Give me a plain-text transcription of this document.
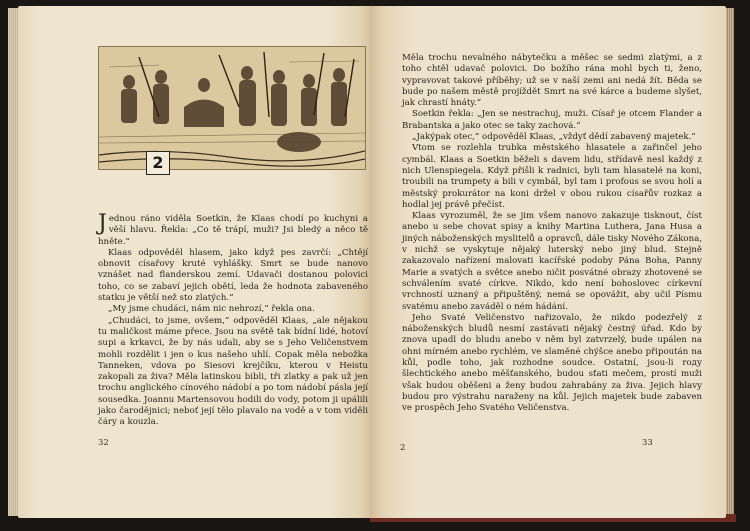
2

Jednou ráno viděla Soetkin, že Klaas chodí po kuchyni a věší hlavu. Řekla: „Co tě trápí, muži? Jsi bledý a něco tě hněte.“

Klaas odpověděl hlasem, jako když pes zavrčí: „Chtějí obnovit císařovy kruté vyhlášky. Smrt se bude nanovo vznášet nad flanderskou zemí. Udavači dostanou polovici toho, co se zabaví jejich obětí, leda že hodnota zabaveného statku je větší než sto zlatých.“

„My jsme chudáci, nám nic nehrozí,“ řekla ona.

„Chudáci, to jsme, ovšem,“ odpověděl Klaas, „ale nějakou tu maličkost máme přece. Jsou na světě tak bídní lidé, hotoví supi a krkavci, že by nás udali, aby se s Jeho Veličenstvem mohli rozdělit i jen o kus našeho uhlí. Copak měla nebožka Tanneken, vdova po Siesovi krejčíku, kterou v Heistu zakopali za živa? Měla latinskou bibli, tři zlatky a pak už jen trochu anglického cínového nádobí a po tom nádobí pásla její sousedka. Joannu Martensovou hodili do vody, potom ji upálili jako čarodějnici; neboť její tělo plavalo na vodě a v tom viděli čáry a kouzla.

32

Měla trochu nevalného nábytečku a měšec se sedmi zlatými, a z toho chtěl udavač polovici. Do božího rána mohl bych ti, ženo, vypravovat takové příběhy; už se v naší zemi ani nedá žít. Běda se bude po našem městě projíždět Smrt na své kárce a budeme slyšet, jak chrastí hnáty.“

Soetkin řekla: „Jen se nestrachuj, muži. Císař je otcem Flander a Brabantska a jako otec se taky zachová.“

„Jakýpak otec,“ odpověděl Klaas, „vždyť dědí zabavený majetek.“

Vtom se rozlehla trubka městského hlasatele a zařinčel jeho cymbál. Klaas a Soetkin běželi s davem lidu, střídavě nesl každý z nich Ulenspiegela. Když přišli k radnici, byli tam hlasatelé na koni, troubili na trumpety a bili v cymbál, byl tam i profous se svou holí a městský prokurátor na koni držel v obou rukou císařův rozkaz a hodlal jej právě přečíst.

Klaas vyrozuměl, že se jim všem nanovo zakazuje tisknout, číst anebo u sebe chovat spisy a knihy Martina Luthera, Jana Husa a jiných náboženských myslitelů a opravců, dále tisky Nového Zákona, v nichž se vyskytuje nějaký luterský nebo jiný blud. Stejně zakazovalo nařízení malovati kacířské podoby Pána Boha, Panny Marie a svatých a světce anebo ničit posvátné obrazy zhotovené se schválením svaté církve. Nikdo, kdo není bohoslovec církevní vrchností uznaný a připuštěný, nemá se opovážit, aby učil Písmu svatému anebo zaváděl o ném hádání.

Jeho Svaté Veličenstvo nařizovalo, že nikdo podezřelý z náboženských bludů nesmí zastávati nějaký čestný úřad. Kdo by znova upadl do bludu anebo v něm byl zatvrzelý, bude upálen na ohni mírném anebo rychlém, ve slaměné chýšce anebo připoután na kůl, podle toho, jak rozhodne soudce. Ostatní, jsou-li roду šlechtického anebo měšťanského, budou sťati mečem, prostí muži však budou oběšeni a ženy budou zahrabány za živa. Jejich hlavy budou pro výstrahu naraženy na kůl. Jejich majetek bude zabaven ve prospěch Jeho Svatého Veličenstva.

2	33
